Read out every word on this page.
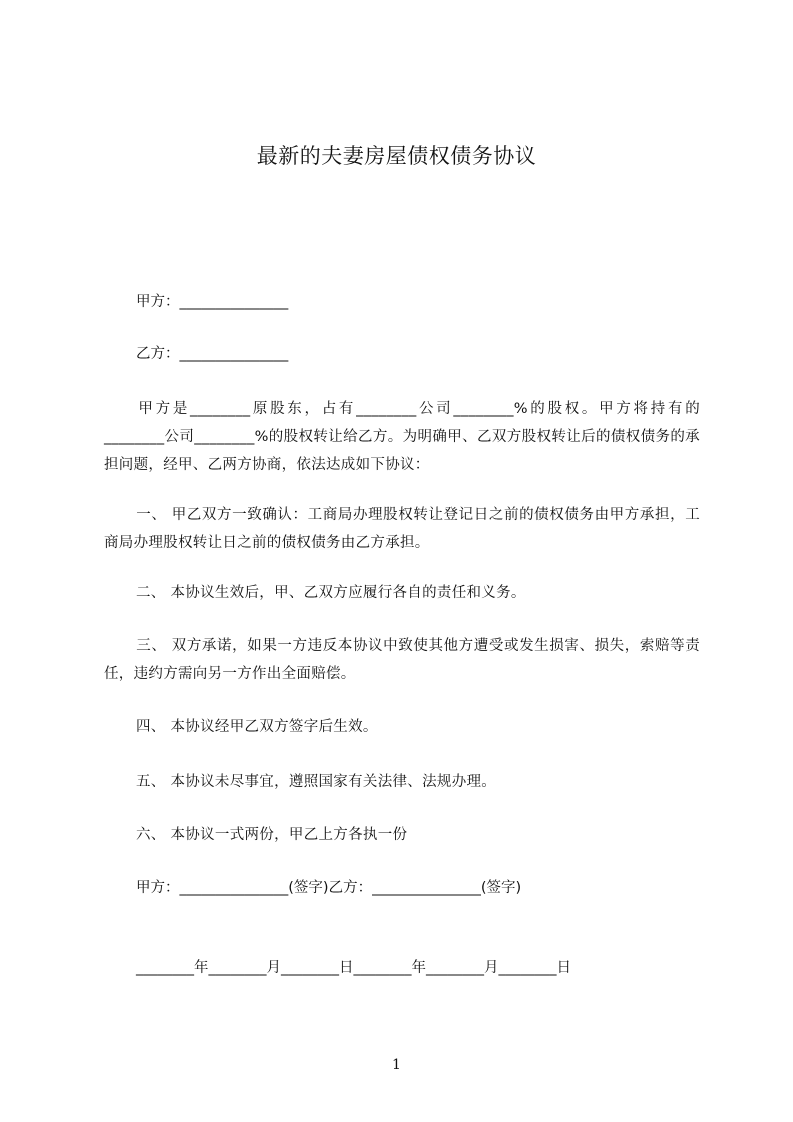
最新的夫妻房屋债权债务协议
甲方：_______________
乙方：_______________
甲方是________原股东，占有________公司________%的股权。甲方将持有的________公司________%的股权转让给乙方。为明确甲、乙双方股权转让后的债权债务的承担问题，经甲、乙两方协商，依法达成如下协议：
一、 甲乙双方一致确认：工商局办理股权转让登记日之前的债权债务由甲方承担，工商局办理股权转让日之前的债权债务由乙方承担。
二、 本协议生效后，甲、乙双方应履行各自的责任和义务。
三、 双方承诺，如果一方违反本协议中致使其他方遭受或发生损害、损失，索赔等责任，违约方需向另一方作出全面赔偿。
四、 本协议经甲乙双方签字后生效。
五、 本协议未尽事宜，遵照国家有关法律、法规办理。
六、 本协议一式两份，甲乙上方各执一份
甲方：_______________(签字)乙方：_______________(签字)
________年________月________日________年________月________日
1
